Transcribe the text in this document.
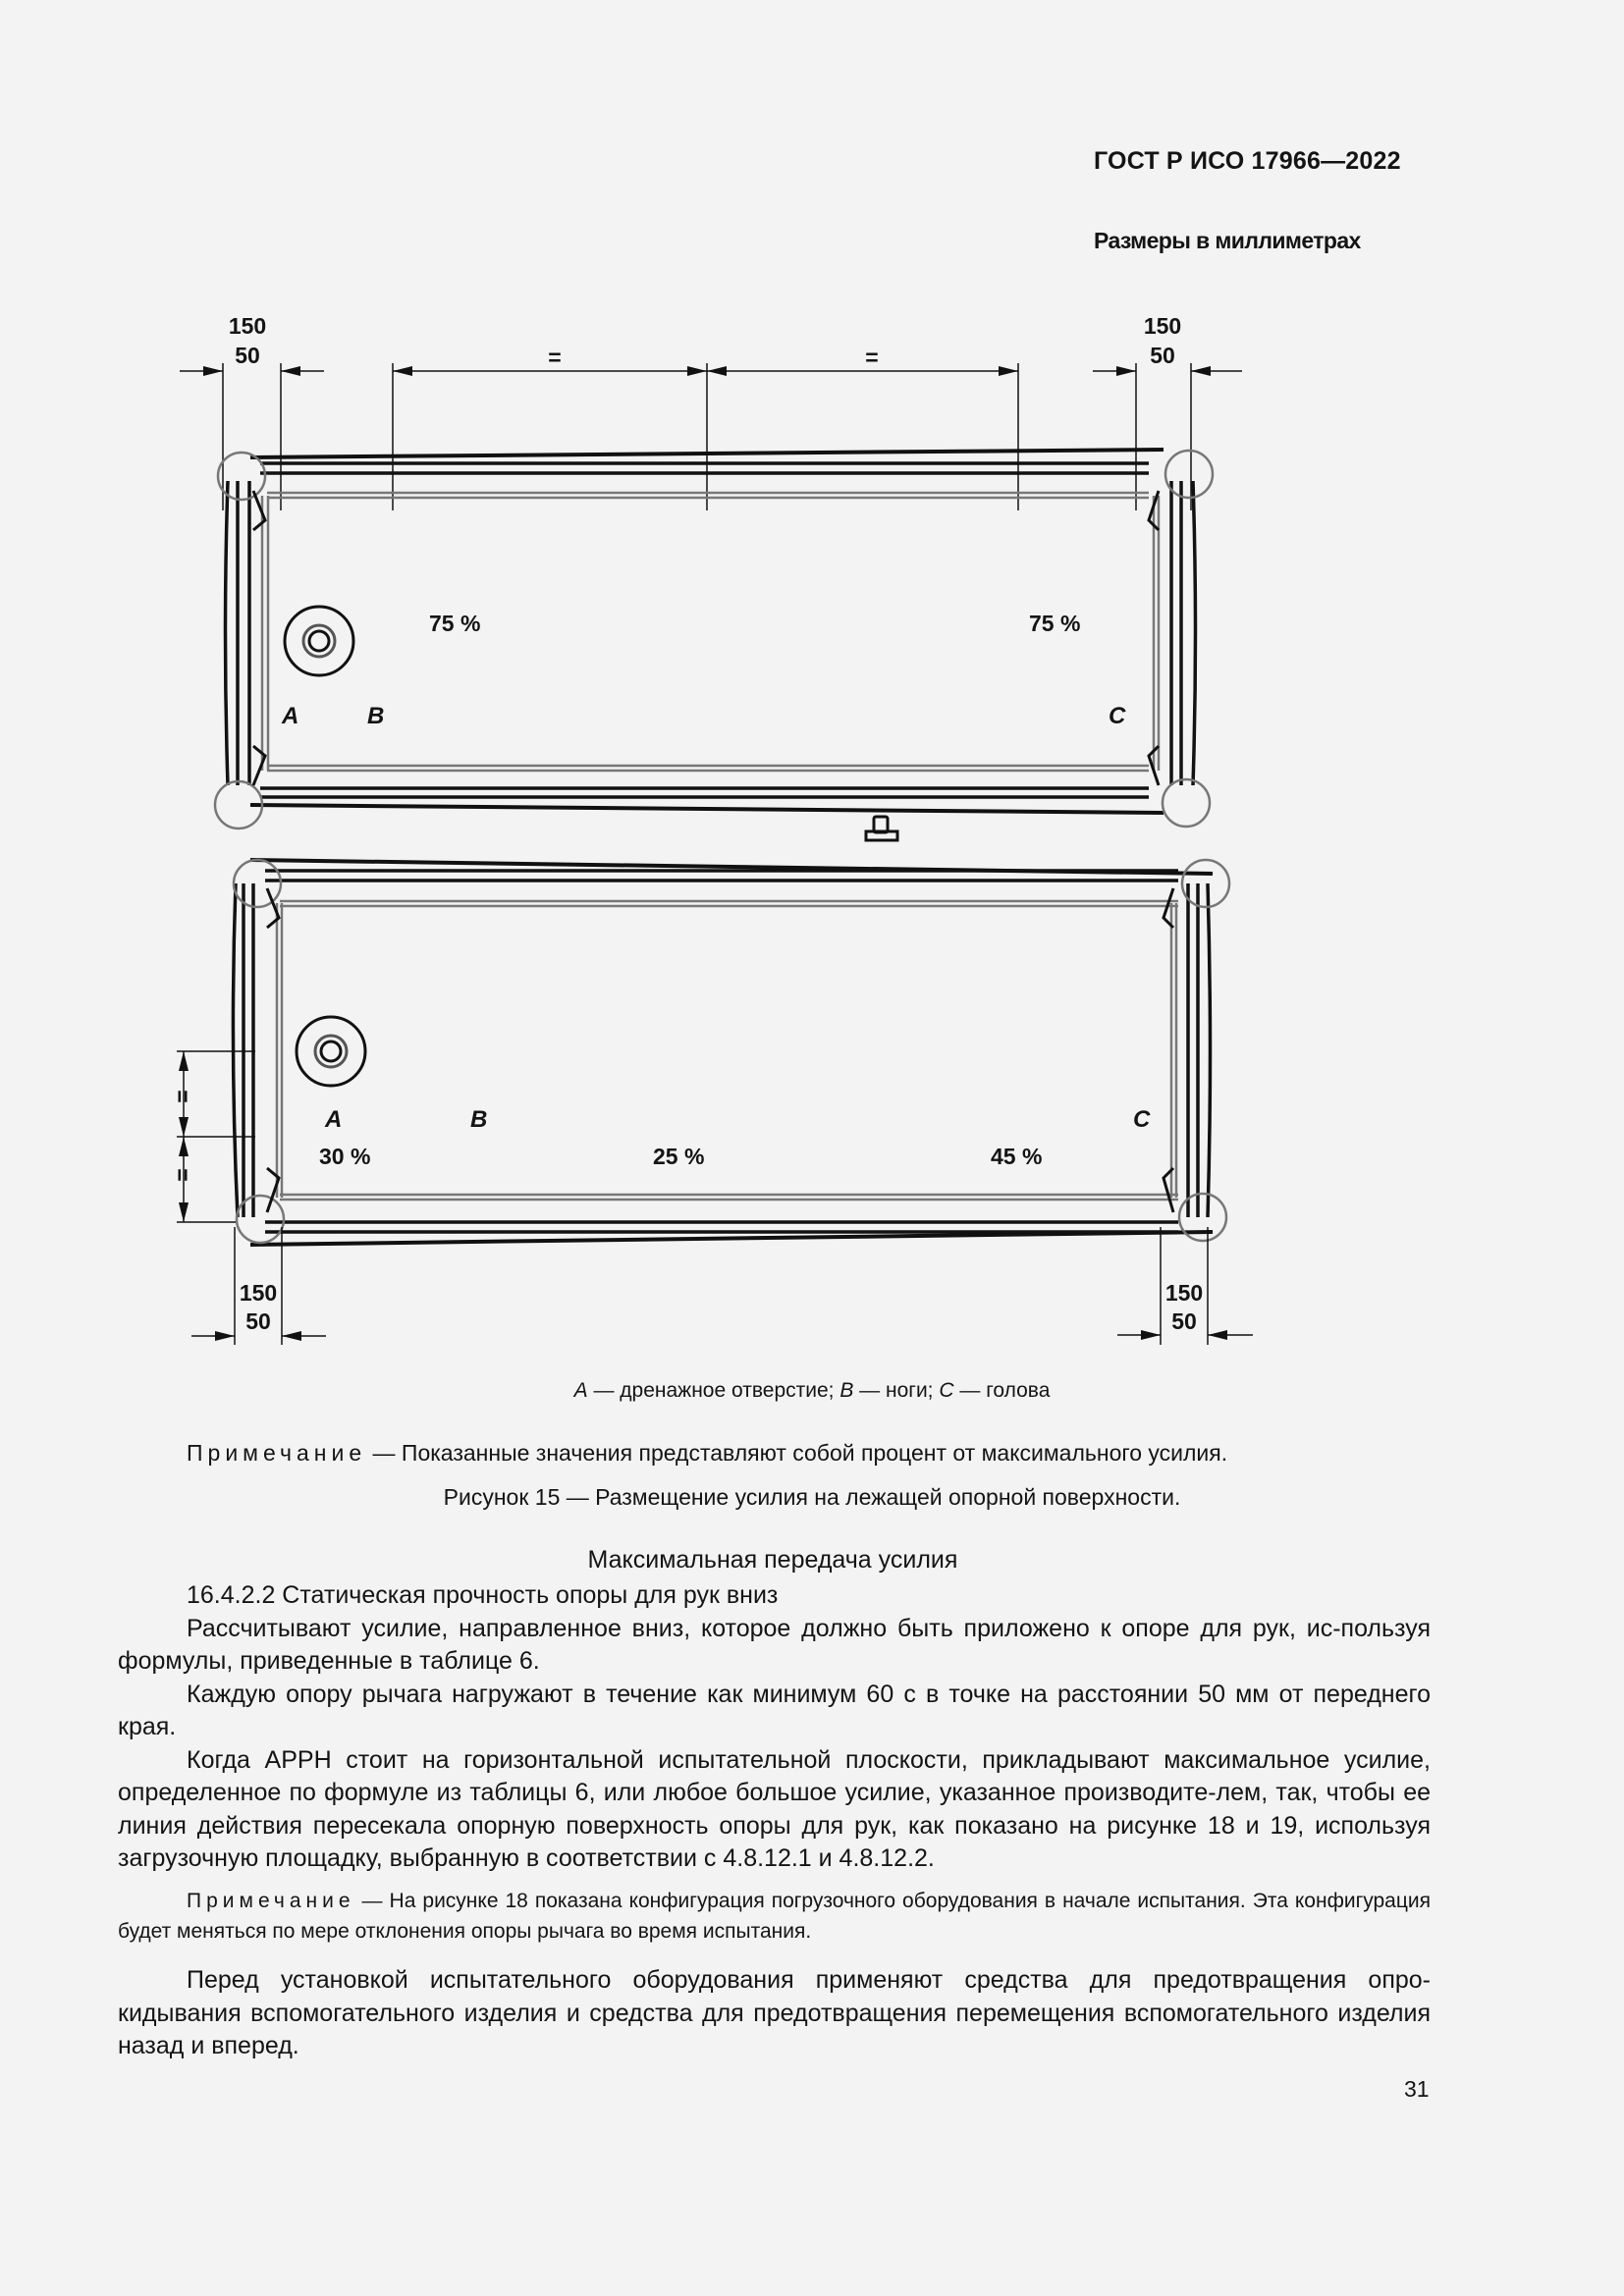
ГОСТ Р ИСО 17966—2022
Размеры в миллиметрах
150
50
150
50
=	=
75 %	75 %
A	B	C
=
=
150
50
150
50
A	B	C
30 %	25 %	45 %
A — дренажное отверстие; B — ноги; C — голова
Примечание — Показанные значения представляют собой процент от максимального усилия.
Рисунок 15 — Размещение усилия на лежащей опорной поверхности.
Максимальная передача усилия

16.4.2.2 Статическая прочность опоры для рук вниз

Рассчитывают усилие, направленное вниз, которое должно быть приложено к опоре для рук, ис-пользуя формулы, приведенные в таблице 6.

Каждую опору рычага нагружают в течение как минимум 60 с в точке на расстоянии 50 мм от переднего края.

Когда АРРН стоит на горизонтальной испытательной плоскости, прикладывают максимальное усилие, определенное по формуле из таблицы 6, или любое большое усилие, указанное производите-лем, так, чтобы ее линия действия пересекала опорную поверхность опоры для рук, как показано на рисунке 18 и 19, используя загрузочную площадку, выбранную в соответствии с 4.8.12.1 и 4.8.12.2.

Примечание — На рисунке 18 показана конфигурация погрузочного оборудования в начале испытания. Эта конфигурация будет меняться по мере отклонения опоры рычага во время испытания.

Перед установкой испытательного оборудования применяют средства для предотвращения опро-кидывания вспомогательного изделия и средства для предотвращения перемещения вспомогательного изделия назад и вперед.

31
